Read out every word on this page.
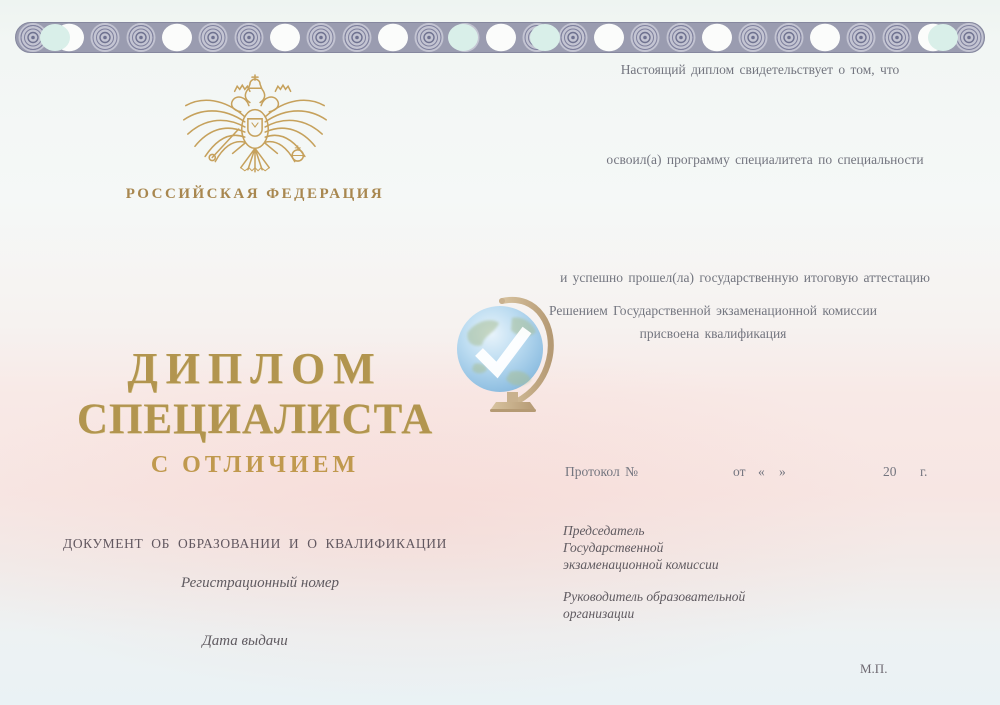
РОССИЙСКАЯ ФЕДЕРАЦИЯ
ДИПЛОМ
СПЕЦИАЛИСТА
С ОТЛИЧИЕМ
ДОКУМЕНТ ОБ ОБРАЗОВАНИИ И О КВАЛИФИКАЦИИ
Регистрационный номер
Дата выдачи
Настоящий диплом свидетельствует о том, что
освоил(а) программу специалитета по специальности
и успешно прошел(ла) государственную итоговую аттестацию
Решением Государственной экзаменационной комиссии
присвоена квалификация
Протокол №	от « »	20 г.
Председатель
Государственной
экзаменационной комиссии
Руководитель образовательной
организации
М.П.
